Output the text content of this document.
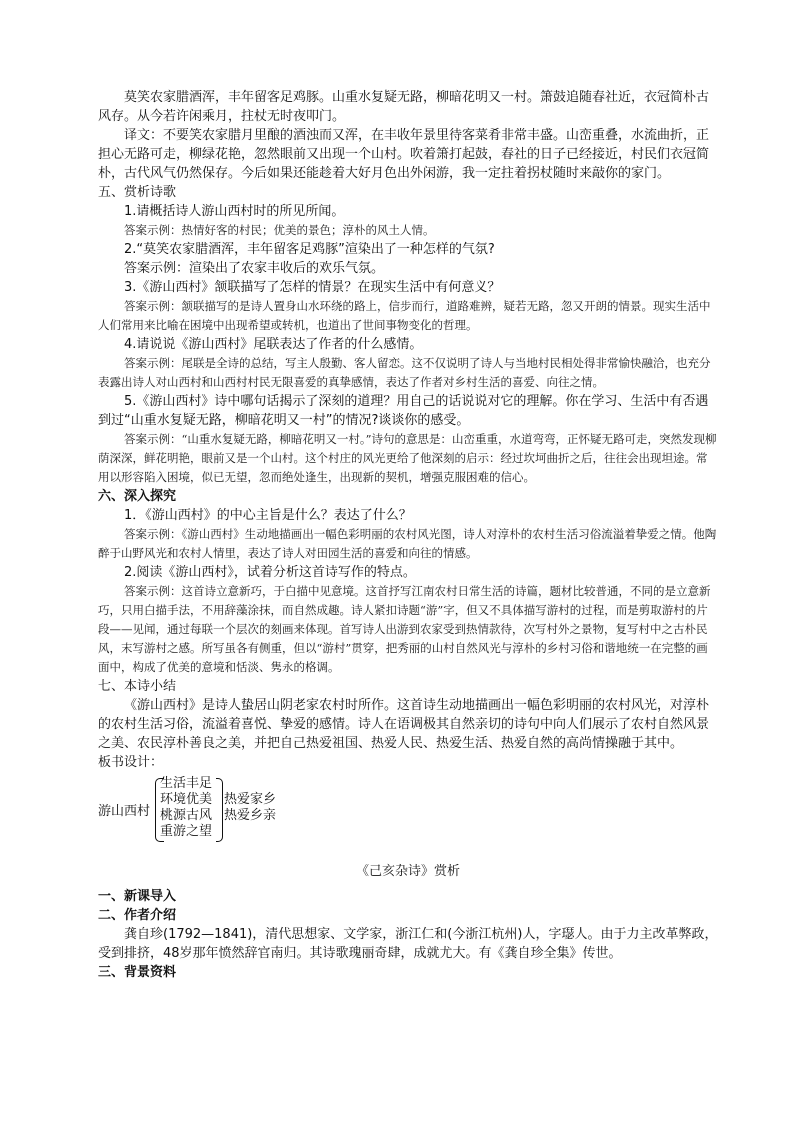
莫笑农家腊酒浑，丰年留客足鸡豚。山重水复疑无路，柳暗花明又一村。箫鼓追随春社近，衣冠简朴古风存。从今若许闲乘月，拄杖无时夜叩门。

译文：不要笑农家腊月里酿的酒浊而又浑，在丰收年景里待客菜肴非常丰盛。山峦重叠，水流曲折，正担心无路可走，柳绿花艳，忽然眼前又出现一个山村。吹着箫打起鼓，春社的日子已经接近，村民们衣冠简朴，古代风气仍然保存。今后如果还能趁着大好月色出外闲游，我一定拄着拐杖随时来敲你的家门。

五、赏析诗歌

1.请概括诗人游山西村时的所见所闻。

答案示例：热情好客的村民；优美的景色；淳朴的风土人情。

2.“莫笑农家腊酒浑，丰年留客足鸡豚”渲染出了一种怎样的气氛?

答案示例：渲染出了农家丰收后的欢乐气氛。

3.《游山西村》颔联描写了怎样的情景？在现实生活中有何意义？

答案示例：颔联描写的是诗人置身山水环绕的路上，信步而行，道路难辨，疑若无路，忽又开朗的情景。现实生活中人们常用来比喻在困境中出现希望或转机，也道出了世间事物变化的哲理。

4.请说说《游山西村》尾联表达了作者的什么感情。

答案示例：尾联是全诗的总结，写主人殷勤、客人留恋。这不仅说明了诗人与当地村民相处得非常愉快融洽，也充分表露出诗人对山西村和山西村村民无限喜爱的真挚感情，表达了作者对乡村生活的喜爱、向往之情。

5.《游山西村》诗中哪句话揭示了深刻的道理？用自己的话说说对它的理解。你在学习、生活中有否遇到过“山重水复疑无路，柳暗花明又一村”的情况?谈谈你的感受。

答案示例：“山重水复疑无路，柳暗花明又一村。”诗句的意思是：山峦重重，水道弯弯，正怀疑无路可走，突然发现柳荫深深，鲜花明艳，眼前又是一个山村。这个村庄的风光更给了他深刻的启示：经过坎坷曲折之后，往往会出现坦途。常用以形容陷入困境，似已无望，忽而绝处逢生，出现新的契机，增强克服困难的信心。

六、深入探究

1．《游山西村》的中心主旨是什么？表达了什么？

答案示例：《游山西村》生动地描画出一幅色彩明丽的农村风光图，诗人对淳朴的农村生活习俗流溢着挚爱之情。他陶醉于山野风光和农村人情里，表达了诗人对田园生活的喜爱和向往的情感。

2.阅读《游山西村》，试着分析这首诗写作的特点。

答案示例：这首诗立意新巧，于白描中见意境。这首抒写江南农村日常生活的诗篇，题材比较普通，不同的是立意新巧，只用白描手法，不用辞藻涂抹，而自然成趣。诗人紧扣诗题“游”字，但又不具体描写游村的过程，而是剪取游村的片段——见闻，通过每联一个层次的刻画来体现。首写诗人出游到农家受到热情款待，次写村外之景物，复写村中之古朴民风，末写游村之感。所写虽各有侧重，但以“游村”贯穿，把秀丽的山村自然风光与淳朴的乡村习俗和谐地统一在完整的画面中，构成了优美的意境和恬淡、隽永的格调。

七、本诗小结

《游山西村》是诗人蛰居山阴老家农村时所作。这首诗生动地描画出一幅色彩明丽的农村风光，对淳朴的农村生活习俗，流溢着喜悦、挚爱的感情。诗人在语调极其自然亲切的诗句中向人们展示了农村自然风景之美、农民淳朴善良之美，并把自己热爱祖国、热爱人民、热爱生活、热爱自然的高尚情操融于其中。

板书设计：

游山西村
生活丰足
环境优美
桃源古风
重游之望
热爱家乡
热爱乡亲

《己亥杂诗》赏析

一、新课导入

二、作者介绍

龚自珍(1792—1841)，清代思想家、文学家，浙江仁和(今浙江杭州)人，字璱人。由于力主改革弊政，受到排挤，48岁那年愤然辞官南归。其诗歌瑰丽奇肆，成就尤大。有《龚自珍全集》传世。

三、背景资料
